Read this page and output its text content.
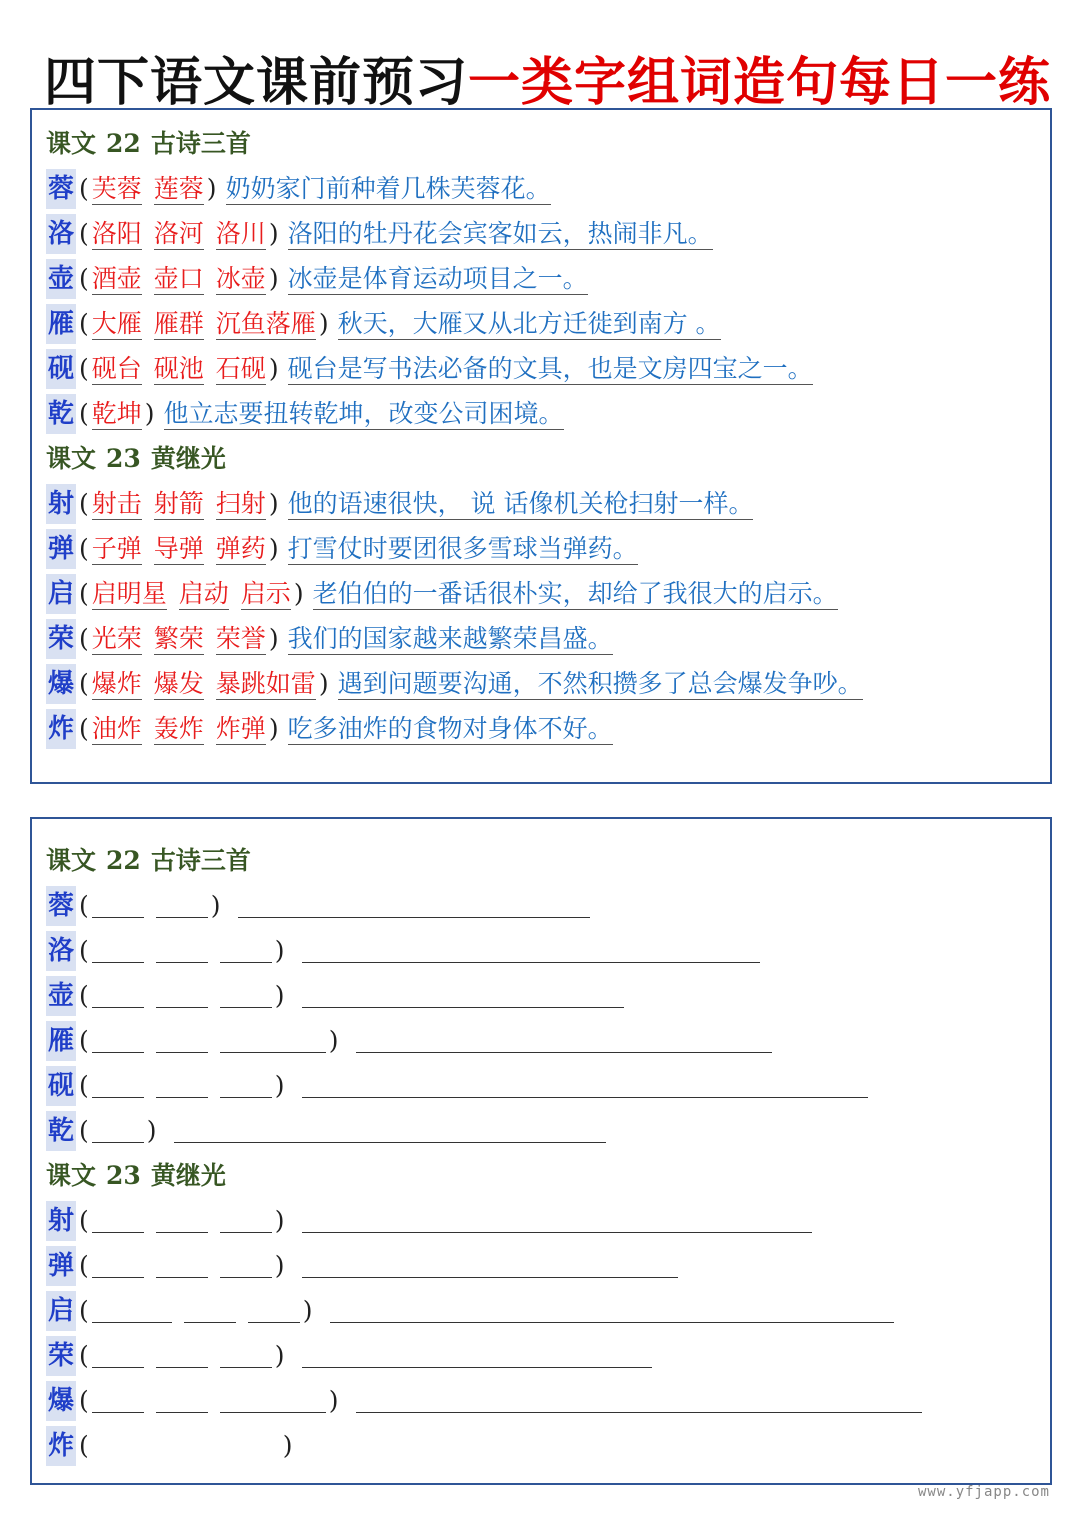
四下语文课前预习一类字组词造句每日一练
课文 22 古诗三首
蓉 ( 芙蓉 莲蓉 ) 奶奶家门前种着几株芙蓉花。
洛 ( 洛阳 洛河 洛川 ) 洛阳的牡丹花会宾客如云，热闹非凡。
壶 ( 酒壶 壶口 冰壶 ) 冰壶是体育运动项目之一。
雁 ( 大雁 雁群 沉鱼落雁 ) 秋天，大雁又从北方迁徙到南方 。
砚 ( 砚台 砚池 石砚 ) 砚台是写书法必备的文具，也是文房四宝之一。
乾 ( 乾坤 ) 他立志要扭转乾坤，改变公司困境。
课文 23 黄继光
射 ( 射击 射箭 扫射 ) 他的语速很快， 说 话像机关枪扫射一样。
弹 ( 子弹 导弹 弹药 ) 打雪仗时要团很多雪球当弹药。
启 ( 启明星 启动 启示 ) 老伯伯的一番话很朴实，却给了我很大的启示。
荣 ( 光荣 繁荣 荣誉 ) 我们的国家越来越繁荣昌盛。
爆 ( 爆炸 爆发 暴跳如雷 ) 遇到问题要沟通，不然积攒多了总会爆发争吵。
炸 ( 油炸 轰炸 炸弹 ) 吃多油炸的食物对身体不好。
课文 22 古诗三首
蓉 (	)
洛 (	)
壶 (	)
雁 (	)
砚 (	)
乾 ( )
课文 23 黄继光
射 (	)
弹 (	)
启 (	)
荣 (	)
爆 (	)
炸 (	)
www.yfjapp.com
